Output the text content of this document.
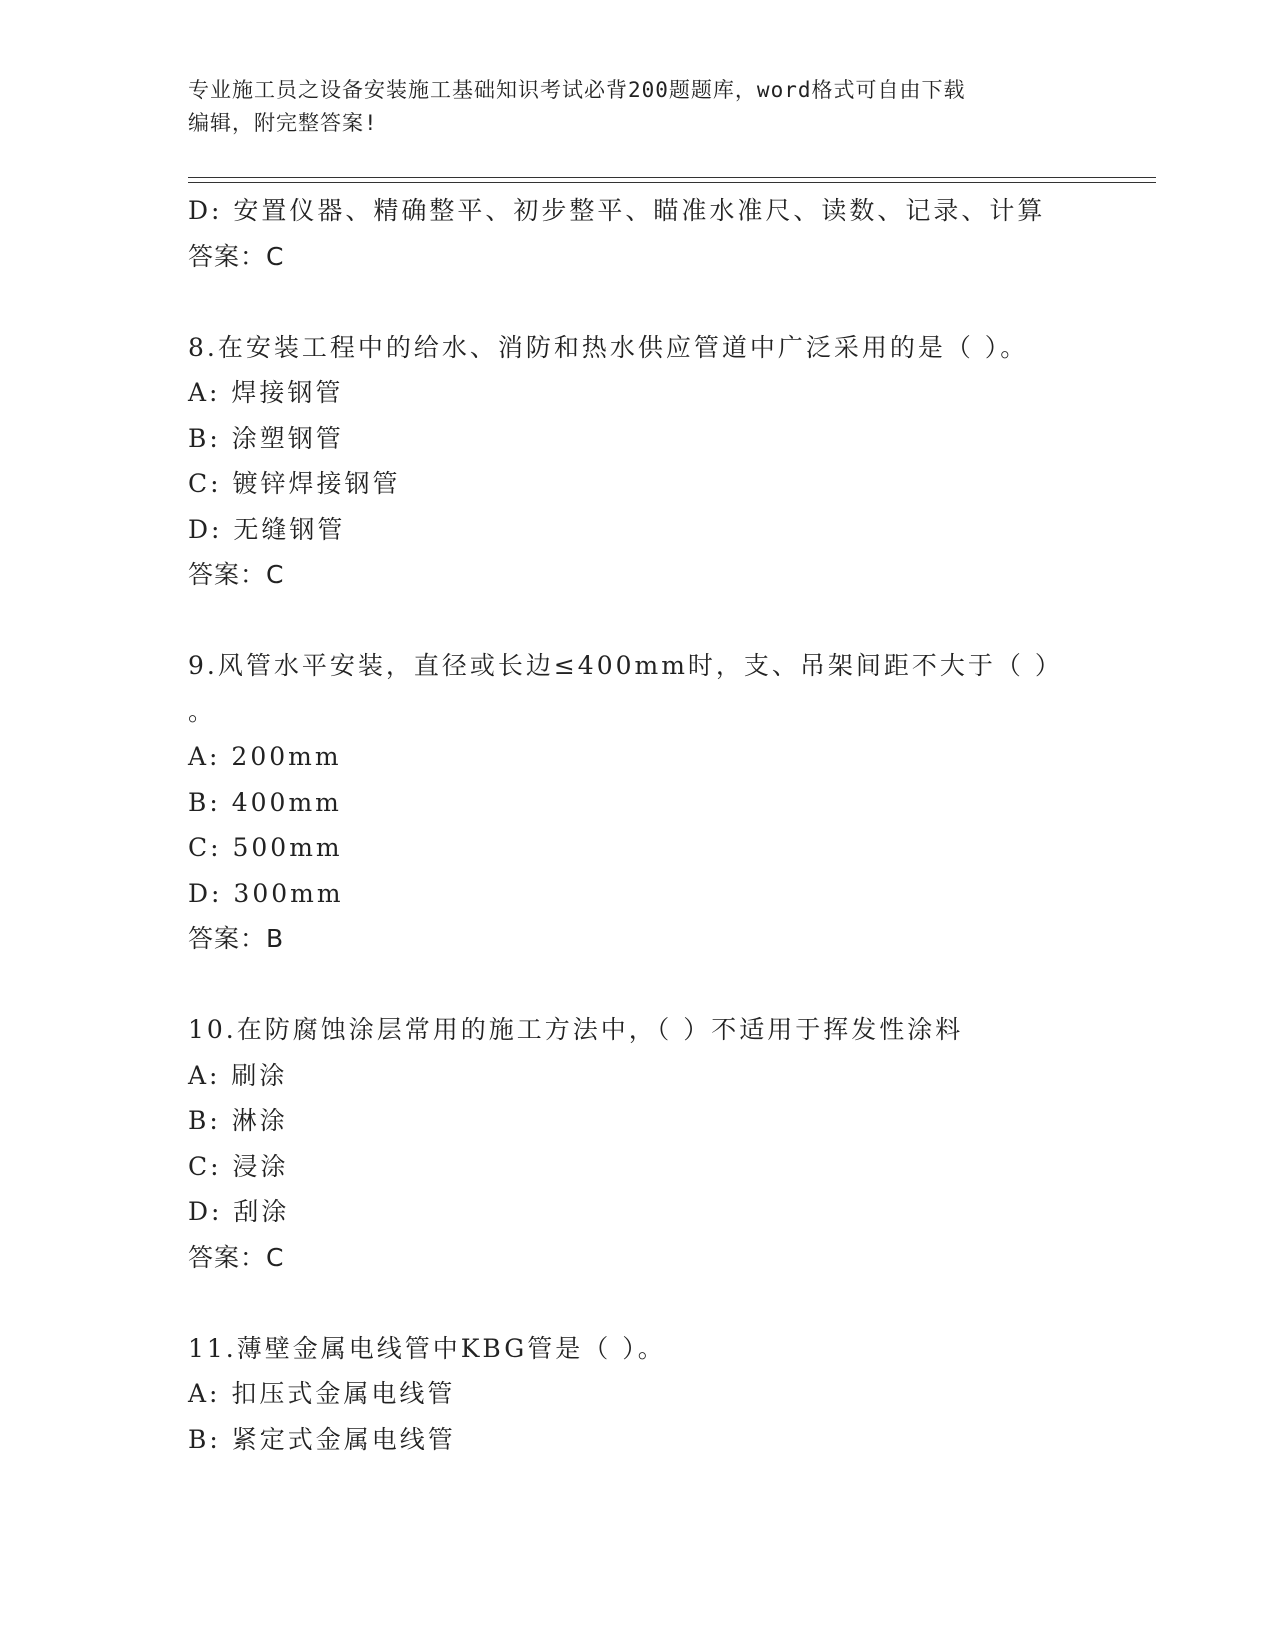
专业施工员之设备安装施工基础知识考试必背200题题库，word格式可自由下载
编辑，附完整答案!
D: 安置仪器、精确整平、初步整平、瞄准水准尺、读数、记录、计算
答案：C
8.在安装工程中的给水、消防和热水供应管道中广泛采用的是（ ）。
A: 焊接钢管
B: 涂塑钢管
C: 镀锌焊接钢管
D: 无缝钢管
答案：C
9.风管水平安装，直径或长边≤400mm时，支、吊架间距不大于（ ）
。
A: 200mm
B: 400mm
C: 500mm
D: 300mm
答案：B
10.在防腐蚀涂层常用的施工方法中，（ ）不适用于挥发性涂料
A: 刷涂
B: 淋涂
C: 浸涂
D: 刮涂
答案：C
11.薄壁金属电线管中KBG管是（ ）。
A: 扣压式金属电线管
B: 紧定式金属电线管
